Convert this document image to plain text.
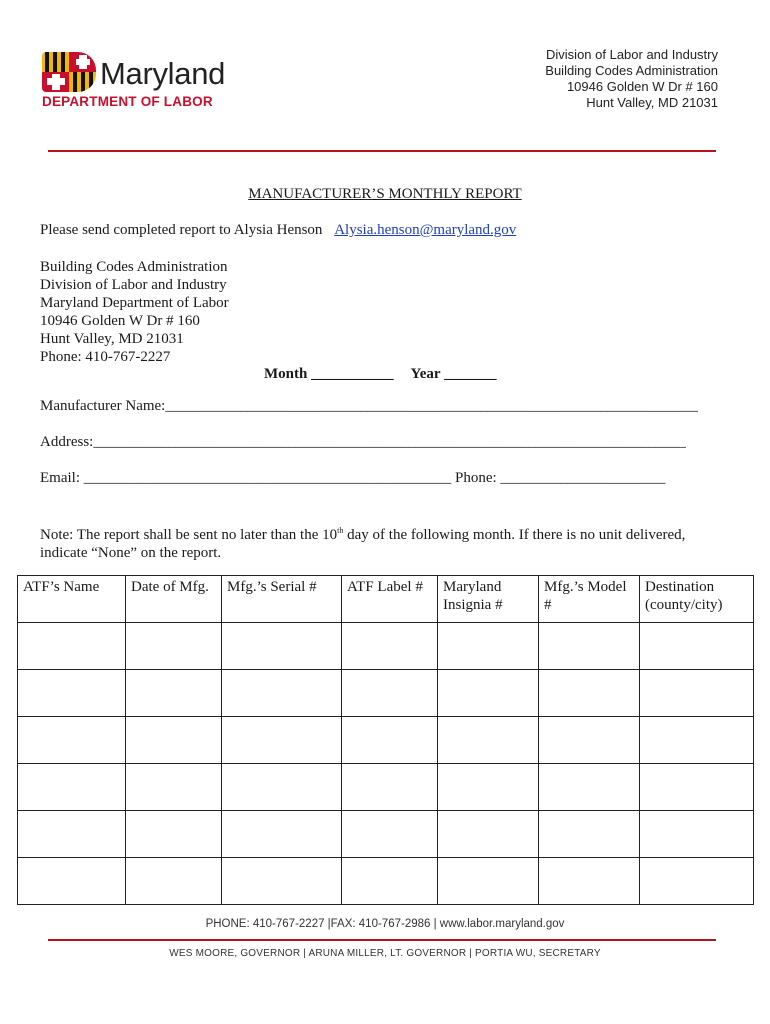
Maryland
DEPARTMENT OF LABOR
Division of Labor and Industry
Building Codes Administration
10946 Golden W Dr # 160
Hunt Valley, MD 21031
MANUFACTURER’S MONTHLY REPORT
Please send completed report to Alysia Henson Alysia.henson@maryland.gov
Building Codes Administration
Division of Labor and Industry
Maryland Department of Labor
10946 Golden W Dr # 160
Hunt Valley, MD 21031
Phone: 410-767-2227
Month ___________ Year _______
Manufacturer Name:_______________________________________________________________________
Address:_______________________________________________________________________________
Email: _________________________________________________ Phone: ______________________
Note: The report shall be sent no later than the 10th day of the following month. If there is no unit delivered, indicate “None” on the report.
ATF’s Name	Date of Mfg.	Mfg.’s Serial #	ATF Label #	Maryland Insignia #	Mfg.’s Model #	Destination (county/city)

PHONE: 410-767-2227 |FAX: 410-767-2986 | www.labor.maryland.gov
WES MOORE, GOVERNOR | ARUNA MILLER, LT. GOVERNOR | PORTIA WU, SECRETARY
